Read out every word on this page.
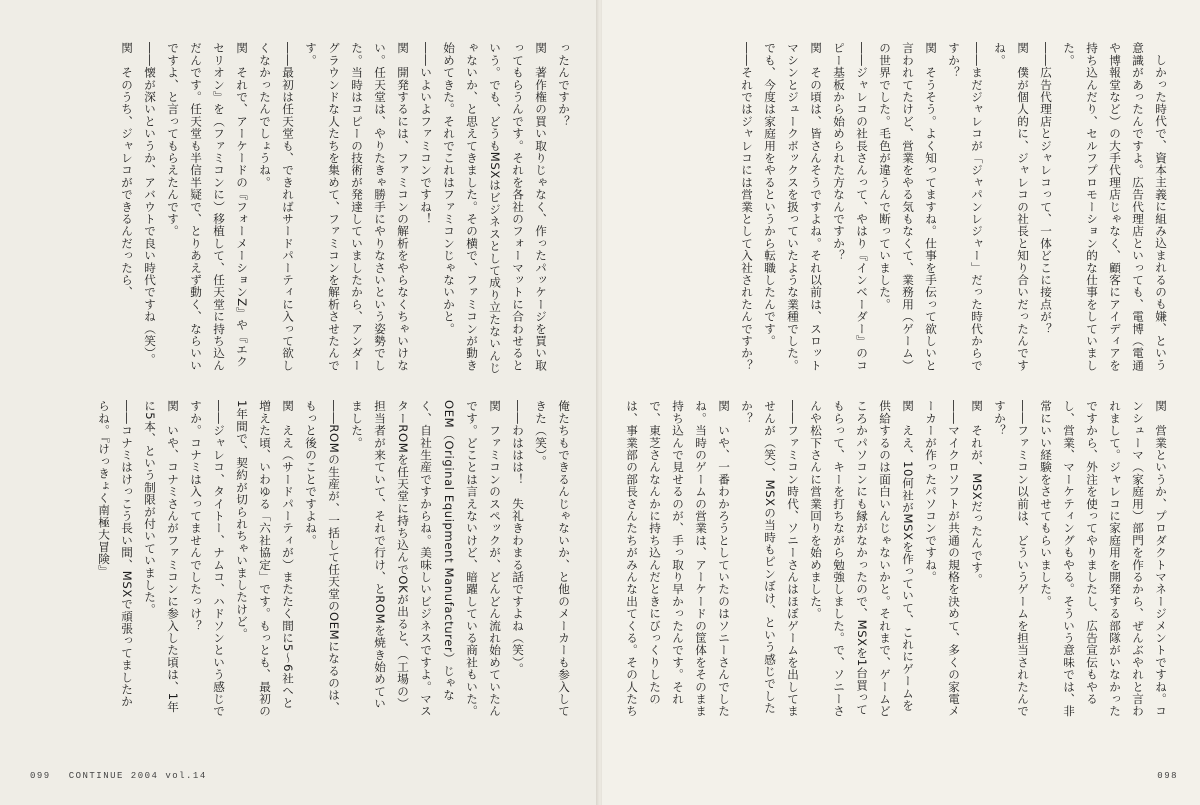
ったんですか？

関　著作権の買い取りじゃなく、作ったパッケージを買い取ってもらうんです。それを各社のフォーマットに合わせるという。でも、どうもMSXはビジネスとして成り立たないんじゃないか、と思えてきました。その横で、ファミコンが動き始めてきた。それでこれはファミコンじゃないかと。

――いよいよファミコンですね！

関　開発するには、ファミコンの解析をやらなくちゃいけない。任天堂は、やりたきゃ勝手にやりなさいという姿勢でした。当時はコピーの技術が発達していましたから、アンダーグラウンドな人たちを集めて、ファミコンを解析させたんです。

――最初は任天堂も、できればサードパーティに入って欲しくなかったんでしょうね。

関　それで、アーケードの『フォーメーションZ』や『エクセリオン』を（ファミコンに）移植して、任天堂に持ち込んだんです。任天堂も半信半疑で、とりあえず動く、ならいいですよ、と言ってもらえたんです。

――懐が深いというか、アバウトで良い時代ですね（笑）。

関　そのうち、ジャレコができるんだったら、

俺たちもできるんじゃないか、と他のメーカーも参入してきた（笑）。

――わははは！　失礼きわまる話ですよね（笑）。

関　ファミコンのスペックが、どんどん流れ始めていたんです。どことは言えないけど、暗躍している商社もいた。OEM（Original Equipment Manufacturer）じゃなく、自社生産ですからね。美味しいビジネスですよ。マスターROMを任天堂に持ち込んでOKが出ると、（工場の）担当者が来ていて、それで行け、とROMを焼き始めていました。

――ROMの生産が、一括して任天堂のOEMになるのは、もっと後のことですよね。

関　ええ（サードパーティが）またたく間に5〜6社へと増えた頃、いわゆる「六社協定」です。もっとも、最初の1年間で、契約が切られちゃいましたけど。

――ジャレコ、タイトー、ナムコ、ハドソンという感じですか。コナミは入ってませんでしたっけ？

関　いや、コナミさんがファミコンに参入した頃は、1年に5本、という制限が付いていました。

――コナミはけっこう長い間、MSXで頑張ってましたからね。『けっきょく南極大冒険』

099 CONTINUE 2004 vol.14

しかった時代で、資本主義に組み込まれるのも嫌、という意識があったんですよ。広告代理店といっても、電博（電通や博報堂など）の大手代理店じゃなく、顧客にアイディアを持ち込んだり、セルフプロモーション的な仕事をしていました。

――広告代理店とジャレコって、一体どこに接点が？

関　僕が個人的に、ジャレコの社長と知り合いだったんですね。

――まだジャレコが「ジャパンレジャー」だった時代からですか？

関　そうそう。よく知ってますね。仕事を手伝って欲しいと言われてたけど、営業をやる気もなくて、業務用（ゲーム）の世界でした。毛色が違うんで断っていました。

――ジャレコの社長さんって、やはり『インベーダー』のコピー基板から始められた方なんですか？

関　その頃は、皆さんそうですよね。それ以前は、スロットマシンとジュークボックスを扱っていたような業種でした。でも、今度は家庭用をやるというから転職したんです。

――それではジャレコには営業として入社されたんですか？

関　営業というか、プロダクトマネージメントですね。コンシューマ（家庭用）部門を作るから、ぜんぶやれと言われまして。ジャレコに家庭用を開発する部隊がいなかったですから、外注を使ってやりましたし、広告宣伝もやるし、営業、マーケティングもやる。そういう意味では、非常にいい経験をさせてもらいました。

――ファミコン以前は、どういうゲームを担当されたんですか？

関　それが、MSXだったんです。

――マイクロソフトが共通の規格を決めて、多くの家電メーカーが作ったパソコンですね。

関　ええ、10何社がMSXを作っていて、これにゲームを供給するのは面白いんじゃないかと。それまで、ゲームどころかパソコンにも縁がなかったので、MSXを1台買ってもらって、キーを打ちながら勉強しました。で、ソニーさんや松下さんに営業回りを始めました。

――ファミコン時代、ソニーさんはほぼゲームを出してませんが（笑）、MSXの当時もピンぼけ、という感じでしたか？

関　いや、一番わかろうとしていたのはソニーさんでしたね。当時のゲームの営業は、アーケードの筐体をそのまま持ち込んで見せるのが、手っ取り早かったんです。それで、東芝さんなんかに持ち込んだときにびっくりしたのは、事業部の部長さんたちがみんな出てくる。その人たち

098
